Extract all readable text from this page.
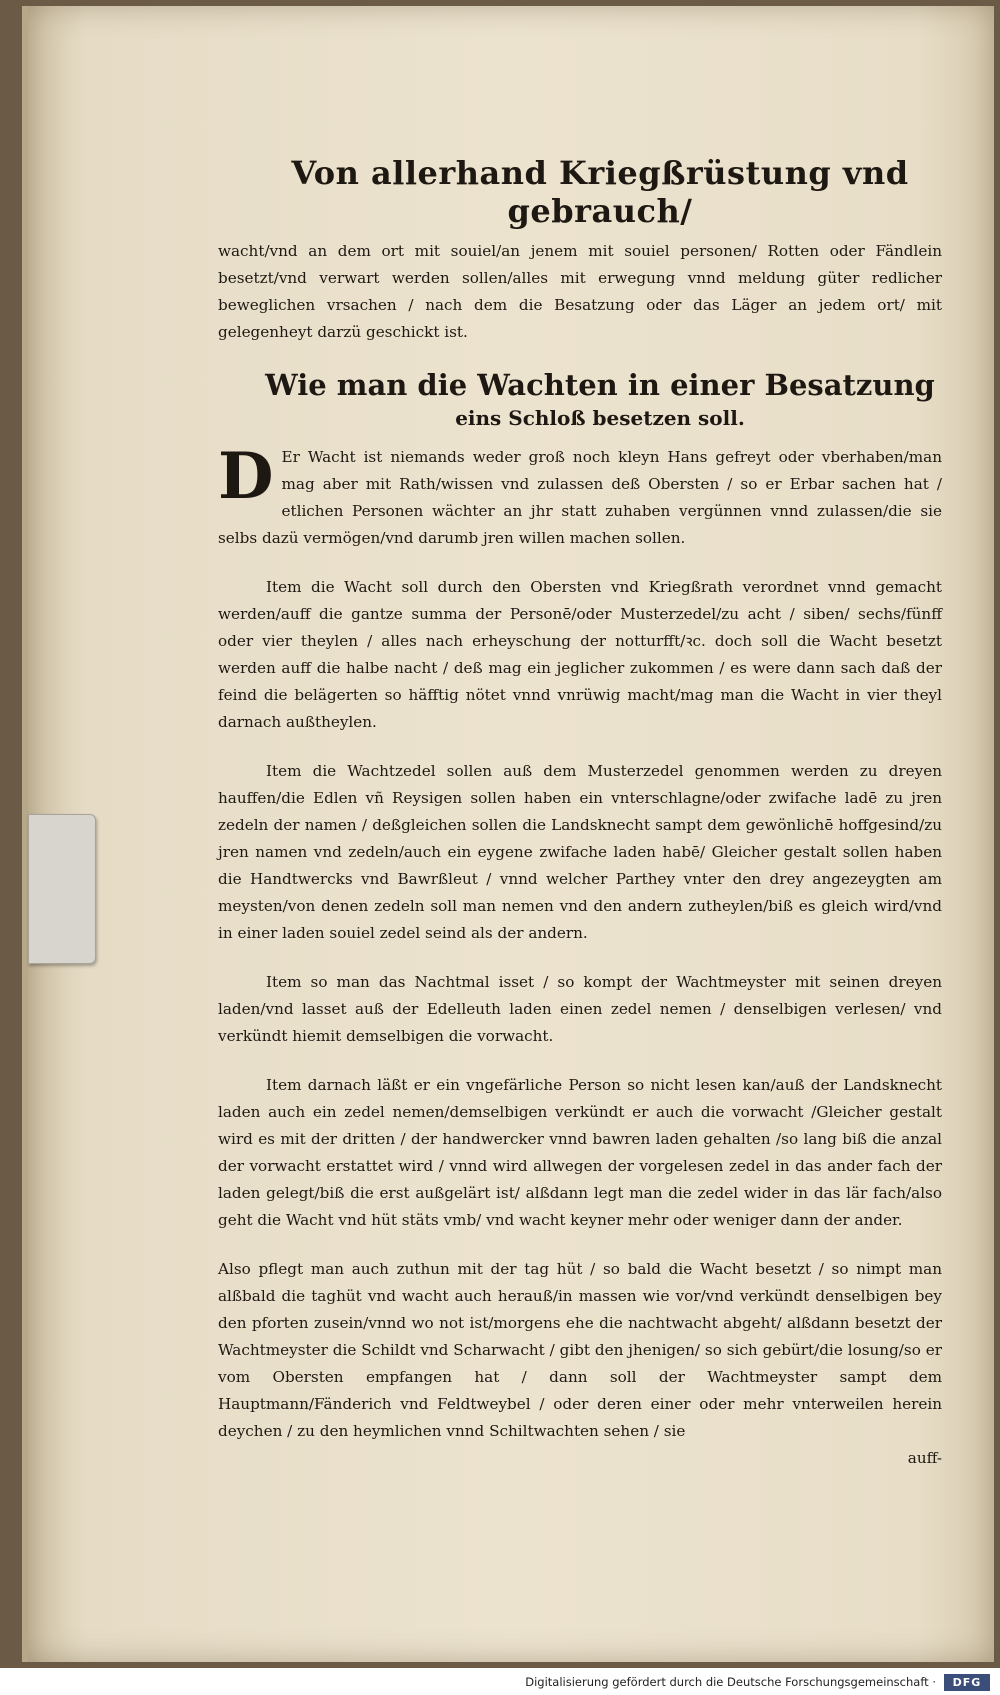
Von allerhand Kriegßrüstung vnd gebrauch/

wacht/vnd an dem ort mit souiel/an jenem mit souiel personen/ Rotten oder Fändlein besetzt/vnd verwart werden sollen/alles mit erwegung vnnd meldung güter redlicher beweglichen vrsachen / nach dem die Besatzung oder das Läger an jedem ort/ mit gelegenheyt darzü geschickt ist.

Wie man die Wachten in einer Besatzung
eins Schloß besetzen soll.

DEr Wacht ist niemands weder groß noch kleyn Hans gefreyt oder vberhaben/man mag aber mit Rath/wissen vnd zulassen deß Obersten / so er Erbar sachen hat / etlichen Personen wächter an jhr statt zuhaben vergünnen vnnd zulassen/die sie selbs dazü vermögen/vnd darumb jren willen machen sollen.

Item die Wacht soll durch den Obersten vnd Kriegßrath verordnet vnnd gemacht werden/auff die gantze summa der Personē/oder Musterzedel/zu acht / siben/ sechs/fünff oder vier theylen / alles nach erheyschung der notturfft/ꝛc. doch soll die Wacht besetzt werden auff die halbe nacht / deß mag ein jeglicher zukommen / es were dann sach daß der feind die belägerten so häfftig nötet vnnd vnrüwig macht/mag man die Wacht in vier theyl darnach außtheylen.

Item die Wachtzedel sollen auß dem Musterzedel genommen werden zu dreyen hauffen/die Edlen vñ Reysigen sollen haben ein vnterschlagne/oder zwifache ladē zu jren zedeln der namen / deßgleichen sollen die Landsknecht sampt dem gewönlichē hoffgesind/zu jren namen vnd zedeln/auch ein eygene zwifache laden habē/ Gleicher gestalt sollen haben die Handtwercks vnd Bawrßleut / vnnd welcher Parthey vnter den drey angezeygten am meysten/von denen zedeln soll man nemen vnd den andern zutheylen/biß es gleich wird/vnd in einer laden souiel zedel seind als der andern.

Item so man das Nachtmal isset / so kompt der Wachtmeyster mit seinen dreyen laden/vnd lasset auß der Edelleuth laden einen zedel nemen / denselbigen verlesen/ vnd verkündt hiemit demselbigen die vorwacht.

Item darnach läßt er ein vngefärliche Person so nicht lesen kan/auß der Landsknecht laden auch ein zedel nemen/demselbigen verkündt er auch die vorwacht /Gleicher gestalt wird es mit der dritten / der handwercker vnnd bawren laden gehalten /so lang biß die anzal der vorwacht erstattet wird / vnnd wird allwegen der vorgelesen zedel in das ander fach der laden gelegt/biß die erst außgelärt ist/ alßdann legt man die zedel wider in das lär fach/also geht die Wacht vnd hüt stäts vmb/ vnd wacht keyner mehr oder weniger dann der ander.

Also pflegt man auch zuthun mit der tag hüt / so bald die Wacht besetzt / so nimpt man alßbald die taghüt vnd wacht auch herauß/in massen wie vor/vnd verkündt denselbigen bey den pforten zusein/vnnd wo not ist/morgens ehe die nachtwacht abgeht/ alßdann besetzt der Wachtmeyster die Schildt vnd Scharwacht / gibt den jhenigen/ so sich gebürt/die losung/so er vom Obersten empfangen hat / dann soll der Wachtmeyster sampt dem Hauptmann/Fänderich vnd Feldtweybel / oder deren einer oder mehr vnterweilen herein deychen / zu den heymlichen vnnd Schiltwachten sehen / sie

auff-
Digitalisierung gefördert durch die Deutsche Forschungsgemeinschaft ·	DFG
